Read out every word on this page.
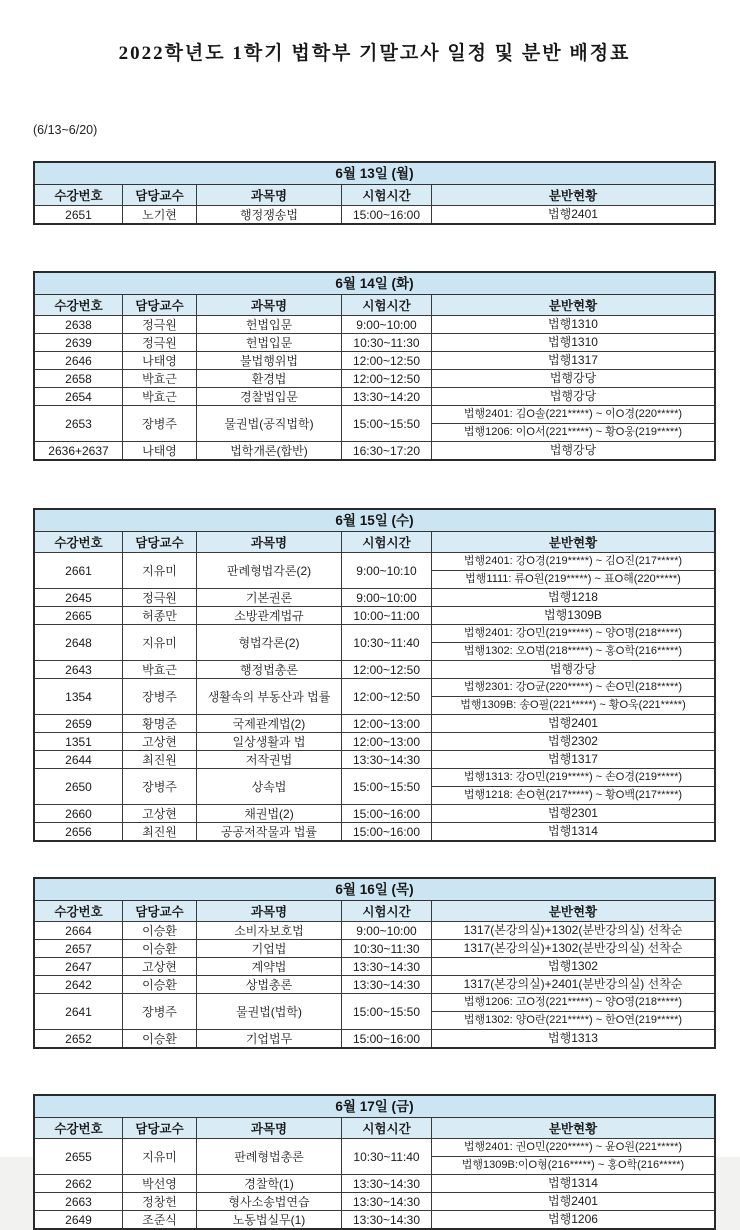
2022학년도 1학기 법학부 기말고사 일정 및 분반 배정표
(6/13~6/20)
6월 13일 (월)
수강번호	담당교수	과목명	시험시간	분반현황
2651	노기현	행정쟁송법	15:00~16:00	법행2401
6월 14일 (화)
수강번호	담당교수	과목명	시험시간	분반현황
2638	정극원	헌법입문	9:00~10:00	법행1310
2639	정극원	헌법입문	10:30~11:30	법행1310
2646	나태영	불법행위법	12:00~12:50	법행1317
2658	박효근	환경법	12:00~12:50	법행강당
2654	박효근	경찰법입문	13:30~14:20	법행강당
2653	장병주	물권법(공직법학)	15:00~15:50
법행2401: 김O솔(221*****) ~ 이O경(220*****)
법행1206: 이O서(221*****) ~ 황O웅(219*****)
2636+2637	나태영	법학개론(합반)	16:30~17:20	법행강당
6월 15일 (수)
수강번호	담당교수	과목명	시험시간	분반현황
2661	지유미	판례형법각론(2)	9:00~10:10
법행2401: 강O경(219*****) ~ 김O진(217*****)
법행1111: 류O원(219*****) ~ 표O해(220*****)
2645	정극원	기본권론	9:00~10:00	법행1218
2665	허종만	소방관계법규	10:00~11:00	법행1309B
2648	지유미	형법각론(2)	10:30~11:40
법행2401: 강O민(219*****) ~ 양O명(218*****)
법행1302: 오O범(218*****) ~ 홍O학(216*****)
2643	박효근	행정법총론	12:00~12:50	법행강당
1354	장병주	생활속의 부동산과 법률	12:00~12:50
법행2301: 강O균(220*****) ~ 손O민(218*****)
법행1309B: 송O필(221*****) ~ 황O욱(221*****)
2659	황명준	국제관계법(2)	12:00~13:00	법행2401
1351	고상현	일상생활과 법	12:00~13:00	법행2302
2644	최진원	저작권법	13:30~14:30	법행1317
2650	장병주	상속법	15:00~15:50
법행1313: 강O민(219*****) ~ 손O경(219*****)
법행1218: 손O현(217*****) ~ 황O백(217*****)
2660	고상현	채권법(2)	15:00~16:00	법행2301
2656	최진원	공공저작물과 법률	15:00~16:00	법행1314
6월 16일 (목)
수강번호	담당교수	과목명	시험시간	분반현황
2664	이승환	소비자보호법	9:00~10:00	1317(본강의실)+1302(분반강의실) 선착순
2657	이승환	기업법	10:30~11:30	1317(본강의실)+1302(분반강의실) 선착순
2647	고상현	계약법	13:30~14:30	법행1302
2642	이승환	상법총론	13:30~14:30	1317(본강의실)+2401(분반강의실) 선착순
2641	장병주	물권법(법학)	15:00~15:50
법행1206: 고O정(221*****) ~ 양O영(218*****)
법행1302: 양O란(221*****) ~ 한O연(219*****)
2652	이승환	기업법무	15:00~16:00	법행1313
6월 17일 (금)
수강번호	담당교수	과목명	시험시간	분반현황
2655	지유미	판례형법총론	10:30~11:40
법행2401: 권O민(220*****) ~ 윤O원(221*****)
법행1309B:이O형(216*****) ~ 홍O학(216*****)
2662	박선영	경찰학(1)	13:30~14:30	법행1314
2663	정창헌	형사소송법연습	13:30~14:30	법행2401
2649	조준식	노동법실무(1)	13:30~14:30	법행1206
